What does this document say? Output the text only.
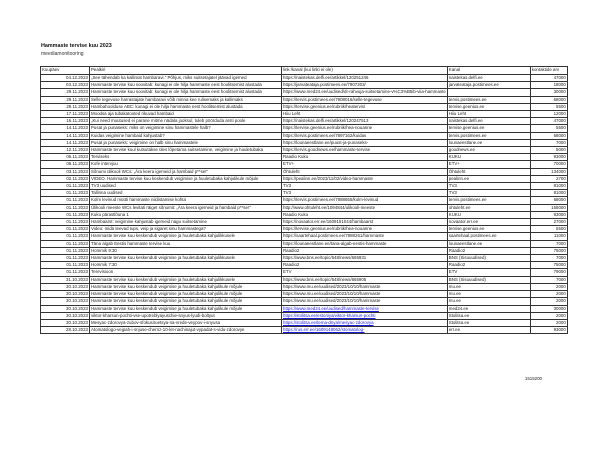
Hammaste tervise kuu 2023
meediamonitooring
Kuupäev	Pealkiri	link /kanal (kui linki ei ole)	Kanal	kontaktide arv
04.12.2023	„See tähendab ka kallimat hambaravi." Põhjus, miks suitsetajatel jäävad igemed	https://naistekas.delfi.ee/artikkel/120251246	naistekas.delfi.ee	47000
03.12.2023	Hammaste tervise kuu soovitab: kunagi ei ole hilja hammaste eest hoolitsemist alustada	https://jarvateataja.postimees.ee/7907203/	jarvateataja.postimees.ee	18000
29.11.2023	Hammaste tervise kuu soovitab: kunagi ei ole hilja hammaste eest hoolitsemist alustada	https://www.med24.ee/uudised/dr-rahvuja-suitsetamine-v%C3%B5ib-viia-hammaste		30000
29.11.2023	Selle tegevuse harrastajate hambaravi võib minna kee rulisemaks ja kallimaks	https://tervis.postimees.ee/7908016/selle-tegevuse	tervis.postimees.ee	68000
29.11.2023	Hambahoolduse ABC: kunagi ei ole hilja hammaste eest hoolitsemist alustada	https://tervise.geenius.ee/rubriik/heatervis/	tervise.geenius.ee	5500
17.11.2023	Moodsa aja tubakatooted rikuvad hambaid	Hiiu Leht	Hiiu Leht	12000
16.11.2023	„Kui need muutused ei parane mitme nädala jooksul, tuleb pöörduda arsti poole	https://naistekas.delfi.ee/artikkel/120247513	naistekas.delfi.ee	47000
14.11.2023	Pusat ja punaseks: miks on veigimine sinu hammastele halb?	https://tervise.geenius.ee/rubriik/hea-nouanne	tervise.geenius.ee	5500
14.11.2023	Kuidas veigimine hambaid kahjustab?	https://tervis.postimees.ee/7897162/kuidas	tervis.postimees.ee	68000
14.11.2023	Pusat ja punaseks: veigimine on halb sinu hammastele	https://lounaeestlane.ee/puust-ja-punaseks-	lounaeestlane.ee	7000
12.11.2023	Hammaste tervise kuul kutsutakse üles lõpetama suitsetamine, veigimine ja huuletubaka	https://tervis.goodnews.ee/hammaste-tervise	goodnews.ee	5000
06.11.2023	Terviseks	Raadio Kuku	KUKU	93000
06.11.2023	Kofe intervjuu	ETV+	ETV+	70000
03.11.2023	Sõnumi ülikooli WCs: „Ära keera igemeid ja hambaid p**se!"	Õhtuleht	Õhtuleht	134000
02.11.2023	VIDEO. Hammaste tervise kuu keskendub veigimise ja huuletubaka kahjulikule mõjule	https://pealinn.ee/2023/11/02/video-hammaste	pealinn.ee	2700
01.11.2023	TV3 uudised	TV3	TV3	81000
01.11.2023	Tallinna uudised	TV3	TV3	81000
01.11.2023	Kolm levinud müüti hammaste niidistamise kohta	https://tervis.postimees.ee/7888655/kolm-levinud	tervis.postimees.ee	68000
01.11.2023	Ülikooli meeste WCs levitati räiget sõnumit: „Ära keera igemeid ja hambaid p**se!"	http://www.ohtuleht.ee/1094844/ulikooli-meeste	ohtuleht.ee	155000
01.11.2023	Kuku pärastlõuna 1	Raadio Kuku	KUKU	93000
01.11.2023	Hambaarst: veigimine kahjustab igemeid nagu suitsetamine	https://novaator.err.ee/1609151044/hambaarst	novaator.err.ee	27000
01.11.2023	Video: mida teevad tups, veip ja sigaret sinu hammastega?	https://tervise.geenius.ee/rubriik/hea-nouanne	tervise.geenius.ee	5500
01.11.2023	Hammaste tervise kuu keskendub veigimise ja huuletubaka kahjulikkusele	https://saartehaal.postimees.ee/7888261/hammaste	saartehaal.postimees.ee	11000
01.11.2023	Täna algab Eestis hammaste tervise kuu	https://lounaeestlane.ee/tana-algab-eestis-hammaste	lounaeestlane.ee	7000
01.11.2023	Hommik 9:30	Raadio2	Raadio2	75000
01.11.2023	Hammaste tervise kuu keskendub veigimise ja huuletubaka kahjulikkusele	https://www.bns.ee/topic/648/news/665931	BNS (Sisuuudised)	7000
01.11.2023	Hommik 7:30	Raadio2	Raadio2	75000
01.11.2023	Terevisioon	ETV	ETV	79000
31.10.2023	Hammaste tervise kuu keskendub veigimise ja huuletubaka kahjulikkusele	https://www.bns.ee/topic/648/news/665905	BNS (Sisuuudised)	7000
30.10.2023	Hammaste tervise kuu keskendub veigimise ja huuletubaka kahjulikule mõjule	https://www.mu.ee/uudised/2023/10/10/hammaste	mu.ee	2000
30.10.2023	Hammaste tervise kuu keskendub veigimise ja huuletubaka kahjulikule mõjule	https://www.mu.ee/uudised/2023/10/10/hammaste	mu.ee	2000
30.10.2023	Hammaste tervise kuu keskendub veigimise ja huuletubaka kahjulikule mõjule	https://www.mu.ee/uudised/2023/10/10/hammaste	mu.ee	2000
30.10.2023	Hammaste tervise kuu keskendub veigimise ja huuletubaka kahjulikule mõjule	https://www.med24.ee/uudised/hammaste-tervise	med24.ee	30000
30.10.2023	viktor-kharsun-pochti-vse-upotreblyayuschie-snyus-lyudi-boltyut	https://stolitsa.ee/estoniya/viktor-kharsun-pochti	Stolitsa.ee	2000
30.10.2023	Mesyac-zdorovya-zubov-sfokusiruetsya-na-vrede-veypov-i-snyusa	https://stolitsa.ee/tema-dnya/mesyac-zdorovya	Stolitsa.ee	2000
28.10.2023	Atomatologo-vejpah-i-snjuse-chernz-10-let-nachinajut-vypadat-s-vidu-zdorovye	https://rus.err.ee/1609148062/stomatolog-	err.ee	93000
1515200
